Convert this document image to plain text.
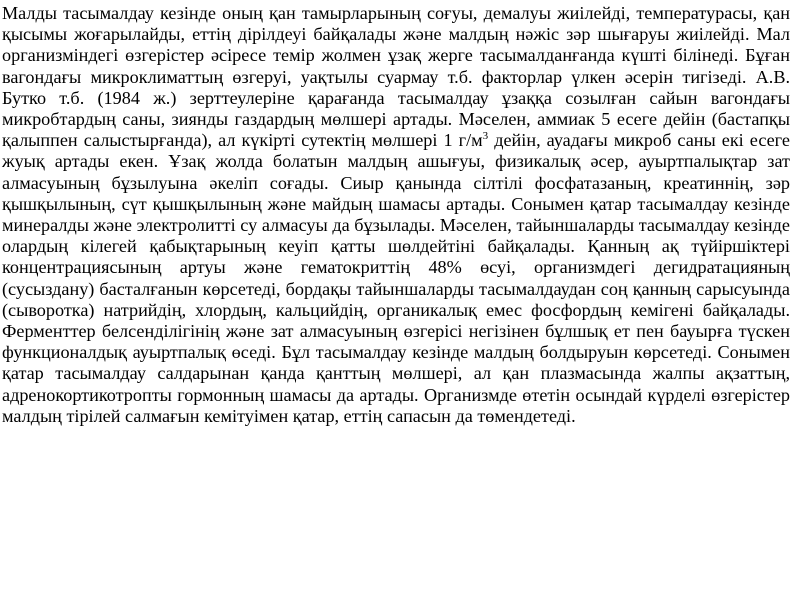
Малды тасымалдау кезінде оның қан тамырларының соғуы, демалуы жиілейді, температурасы, қан қысымы жоғарылайды, еттің дірілдеуі байқалады және малдың нәжіс зәр шығаруы жиілейді. Мал организміндегі өзгерістер әсіресе темір жолмен ұзақ жерге тасымалданғанда күшті білінеді. Бұған вагондағы микроклиматтың өзгеруі, уақтылы суармау т.б. факторлар үлкен әсерін тигізеді. А.В. Бутко т.б. (1984 ж.) зерттеулеріне қарағанда тасымалдау ұзаққа созылған сайын вагондағы микробтардың саны, зиянды газдардың мөлшері артады. Мәселен, аммиак 5 есеге дейін (бастапқы қалыппен салыстырғанда), ал күкірті сутектің мөлшері 1 $г/м^3$ дейін, ауадағы микроб саны екі есеге жуық артады екен. Ұзақ жолда болатын малдың ашығуы, физикалық әсер, ауыртпалықтар зат алмасуының бұзылуына әкеліп соғады. Сиыр қанында сілтілі фосфатазаның, креатиннің, зәр қышқылының, сүт қышқылының және майдың шамасы артады. Сонымен қатар тасымалдау кезінде минералды және электролитті су алмасуы да бұзылады. Мәселен, тайыншаларды тасымалдау кезінде олардың кілегей қабықтарының кеуіп қатты шөлдейтіні байқалады. Қанның ақ түйіршіктері концентрациясының артуы және гематокриттің 48% өсуі, организмдегі дегидратацияның (сусыздану) басталғанын көрсетеді, бордақы тайыншаларды тасымалдаудан соң қанның сарысуында (сыворотка) натрийдің, хлордың, кальцийдің, органикалық емес фосфордың кемігені байқалады. Ферменттер белсенділігінің және зат алмасуының өзгерісі негізінен бұлшық ет пен бауырға түскен функционалдық ауыртпалық өседі. Бұл тасымалдау кезінде малдың болдыруын көрсетеді. Сонымен қатар тасымалдау салдарынан қанда қанттың мөлшері, ал қан плазмасында жалпы ақзаттың, адренокортикотропты гормонның шамасы да артады. Организмде өтетін осындай күрделі өзгерістер малдың тірілей салмағын кемітуімен қатар, еттің сапасын да төмендетеді.
